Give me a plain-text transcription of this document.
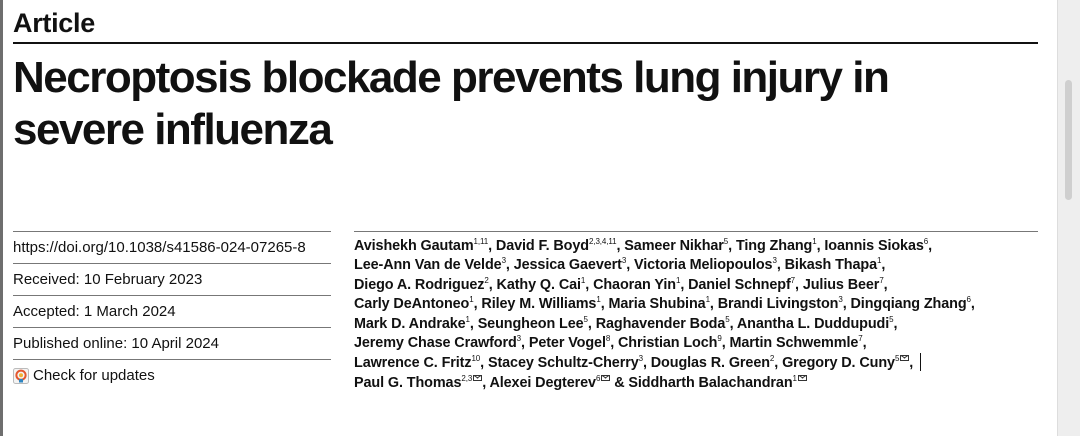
Article
Necroptosis blockade prevents lung injury in
severe influenza
https://doi.org/10.1038/s41586-024-07265-8
Received: 10 February 2023
Accepted: 1 March 2024
Published online: 10 April 2024
Check for updates
Avishekh Gautam$^{1,11}$, David F. Boyd$^{2,3,4,11}$, Sameer Nikhar$^5$, Ting Zhang$^1$, Ioannis Siokas$^6$,
Lee-Ann Van de Velde$^3$, Jessica Gaevert$^3$, Victoria Meliopoulos$^3$, Bikash Thapa$^1$,
Diego A. Rodriguez$^2$, Kathy Q. Cai$^1$, Chaoran Yin$^1$, Daniel Schnepf$^7$, Julius Beer$^7$,
Carly DeAntoneo$^1$, Riley M. Williams$^1$, Maria Shubina$^1$, Brandi Livingston$^3$, Dingqiang Zhang$^6$,
Mark D. Andrake$^1$, Seungheon Lee$^5$, Raghavender Boda$^5$, Anantha L. Duddupudi$^5$,
Jeremy Chase Crawford$^3$, Peter Vogel$^8$, Christian Loch$^9$, Martin Schwemmle$^7$,
Lawrence C. Fritz$^{10}$, Stacey Schultz-Cherry$^3$, Douglas R. Green$^2$, Gregory D. Cuny$^5$ ,
Paul G. Thomas$^{2,3}$ , Alexei Degterev$^6$ & Siddharth Balachandran$^1$
